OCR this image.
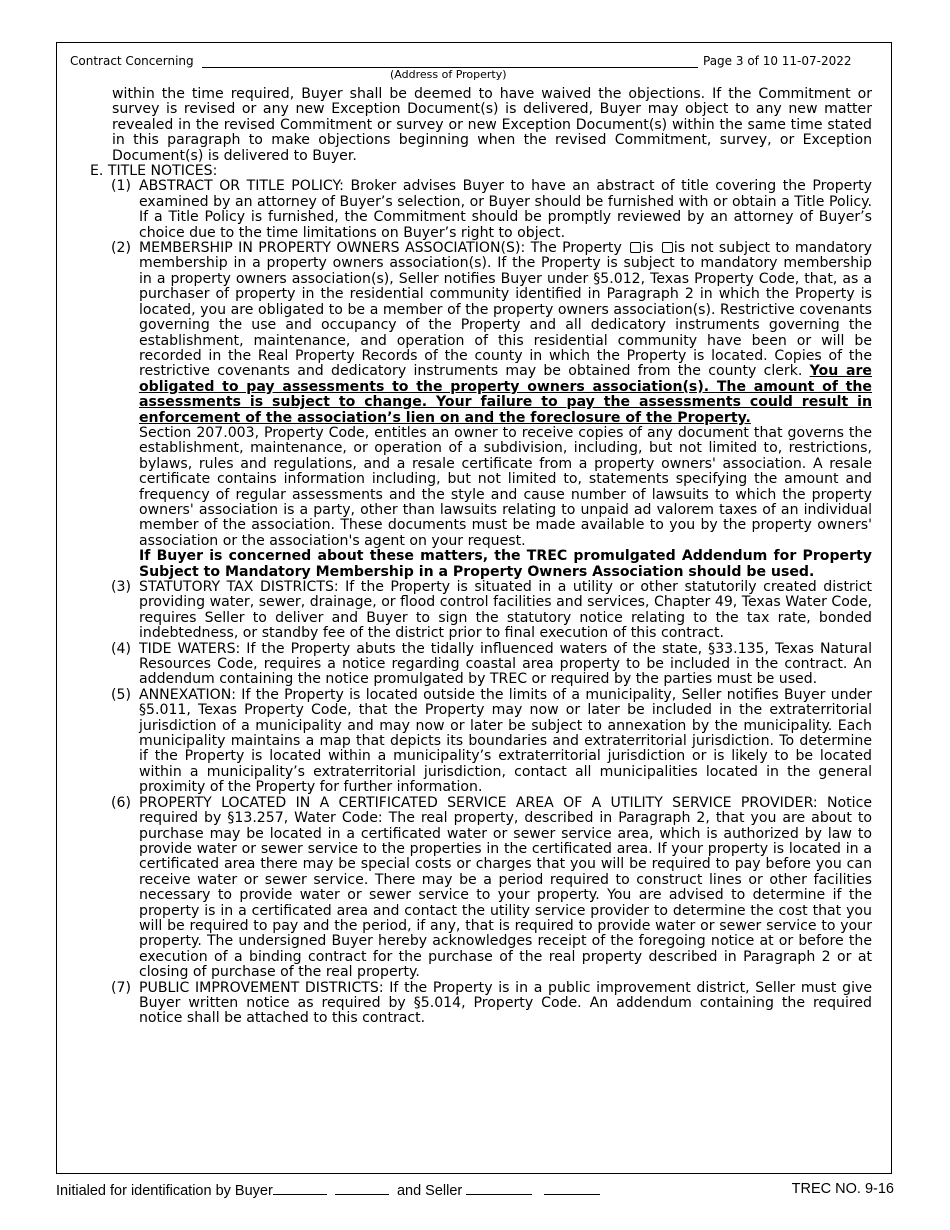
Contract Concerning	Page 3 of 10 11-07-2022
(Address of Property)
within the time required, Buyer shall be deemed to have waived the objections. If the Commitment or survey is revised or any new Exception Document(s) is delivered, Buyer may object to any new matter revealed in the revised Commitment or survey or new Exception Document(s) within the same time stated in this paragraph to make objections beginning when the revised Commitment, survey, or Exception Document(s) is delivered to Buyer.
E. TITLE NOTICES:
(1) ABSTRACT OR TITLE POLICY: Broker advises Buyer to have an abstract of title covering the Property examined by an attorney of Buyer’s selection, or Buyer should be furnished with or obtain a Title Policy. If a Title Policy is furnished, the Commitment should be promptly reviewed by an attorney of Buyer’s choice due to the time limitations on Buyer’s right to object.
(2) MEMBERSHIP IN PROPERTY OWNERS ASSOCIATION(S): The Property is is not subject to mandatory membership in a property owners association(s). If the Property is subject to mandatory membership in a property owners association(s), Seller notifies Buyer under §5.012, Texas Property Code, that, as a purchaser of property in the residential community identified in Paragraph 2 in which the Property is located, you are obligated to be a member of the property owners association(s). Restrictive covenants governing the use and occupancy of the Property and all dedicatory instruments governing the establishment, maintenance, and operation of this residential community have been or will be recorded in the Real Property Records of the county in which the Property is located. Copies of the restrictive covenants and dedicatory instruments may be obtained from the county clerk. You are obligated to pay assessments to the property owners association(s). The amount of the assessments is subject to change. Your failure to pay the assessments could result in enforcement of the association’s lien on and the foreclosure of the Property.
Section 207.003, Property Code, entitles an owner to receive copies of any document that governs the establishment, maintenance, or operation of a subdivision, including, but not limited to, restrictions, bylaws, rules and regulations, and a resale certificate from a property owners' association. A resale certificate contains information including, but not limited to, statements specifying the amount and frequency of regular assessments and the style and cause number of lawsuits to which the property owners' association is a party, other than lawsuits relating to unpaid ad valorem taxes of an individual member of the association. These documents must be made available to you by the property owners' association or the association's agent on your request.
If Buyer is concerned about these matters, the TREC promulgated Addendum for Property Subject to Mandatory Membership in a Property Owners Association should be used.
(3) STATUTORY TAX DISTRICTS: If the Property is situated in a utility or other statutorily created district providing water, sewer, drainage, or flood control facilities and services, Chapter 49, Texas Water Code, requires Seller to deliver and Buyer to sign the statutory notice relating to the tax rate, bonded indebtedness, or standby fee of the district prior to final execution of this contract.
(4) TIDE WATERS: If the Property abuts the tidally influenced waters of the state, §33.135, Texas Natural Resources Code, requires a notice regarding coastal area property to be included in the contract. An addendum containing the notice promulgated by TREC or required by the parties must be used.
(5) ANNEXATION: If the Property is located outside the limits of a municipality, Seller notifies Buyer under §5.011, Texas Property Code, that the Property may now or later be included in the extraterritorial jurisdiction of a municipality and may now or later be subject to annexation by the municipality. Each municipality maintains a map that depicts its boundaries and extraterritorial jurisdiction. To determine if the Property is located within a municipality’s extraterritorial jurisdiction or is likely to be located within a municipality’s extraterritorial jurisdiction, contact all municipalities located in the general proximity of the Property for further information.
(6) PROPERTY LOCATED IN A CERTIFICATED SERVICE AREA OF A UTILITY SERVICE PROVIDER: Notice required by §13.257, Water Code: The real property, described in Paragraph 2, that you are about to purchase may be located in a certificated water or sewer service area, which is authorized by law to provide water or sewer service to the properties in the certificated area. If your property is located in a certificated area there may be special costs or charges that you will be required to pay before you can receive water or sewer service. There may be a period required to construct lines or other facilities necessary to provide water or sewer service to your property. You are advised to determine if the property is in a certificated area and contact the utility service provider to determine the cost that you will be required to pay and the period, if any, that is required to provide water or sewer service to your property. The undersigned Buyer hereby acknowledges receipt of the foregoing notice at or before the execution of a binding contract for the purchase of the real property described in Paragraph 2 or at closing of purchase of the real property.
(7) PUBLIC IMPROVEMENT DISTRICTS: If the Property is in a public improvement district, Seller must give Buyer written notice as required by §5.014, Property Code. An addendum containing the required notice shall be attached to this contract.
Initialed for identification by Buyer	and Seller	TREC NO. 9-16
